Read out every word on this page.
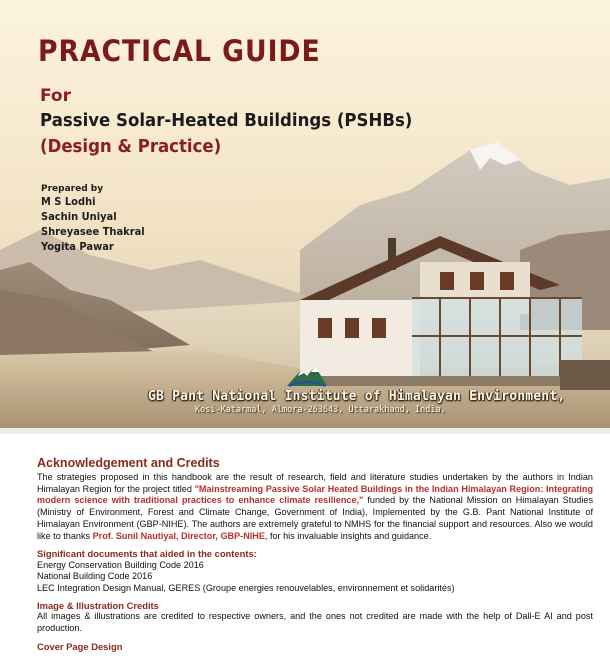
PRACTICAL GUIDE
For
Passive Solar-Heated Buildings (PSHBs)
(Design & Practice)
Prepared by
M S Lodhi
Sachin Uniyal
Shreyasee Thakral
Yogita Pawar
GB Pant National Institute of Himalayan Environment,
Kosi-Katarmal, Almora-263643, Uttarakhand, India.
Acknowledgement and Credits

The strategies proposed in this handbook are the result of research, field and literature studies undertaken by the authors in Indian Himalayan Region for the project titled "Mainstreaming Passive Solar Heated Buildings in the Indian Himalayan Region: Integrating modern science with traditional practices to enhance climate resilience," funded by the National Mission on Himalayan Studies (Ministry of Environment, Forest and Climate Change, Government of India), Implemented by the G.B. Pant National Institute of Himalayan Environment (GBP-NIHE). The authors are extremely grateful to NMHS for the financial support and resources. Also we would like to thanks Prof. Sunil Nautiyal, Director, GBP-NIHE, for his invaluable insights and guidance.

Significant documents that aided in the contents:

Energy Conservation Building Code 2016

National Building Code 2016

LEC Integration Design Manual, GERES (Groupe energies renouvelables, environnement et solidarités)

Image & Illustration Credits

All images & illustrations are credited to respective owners, and the ones not credited are made with the help of Dall-E AI and post production.

Cover Page Design
